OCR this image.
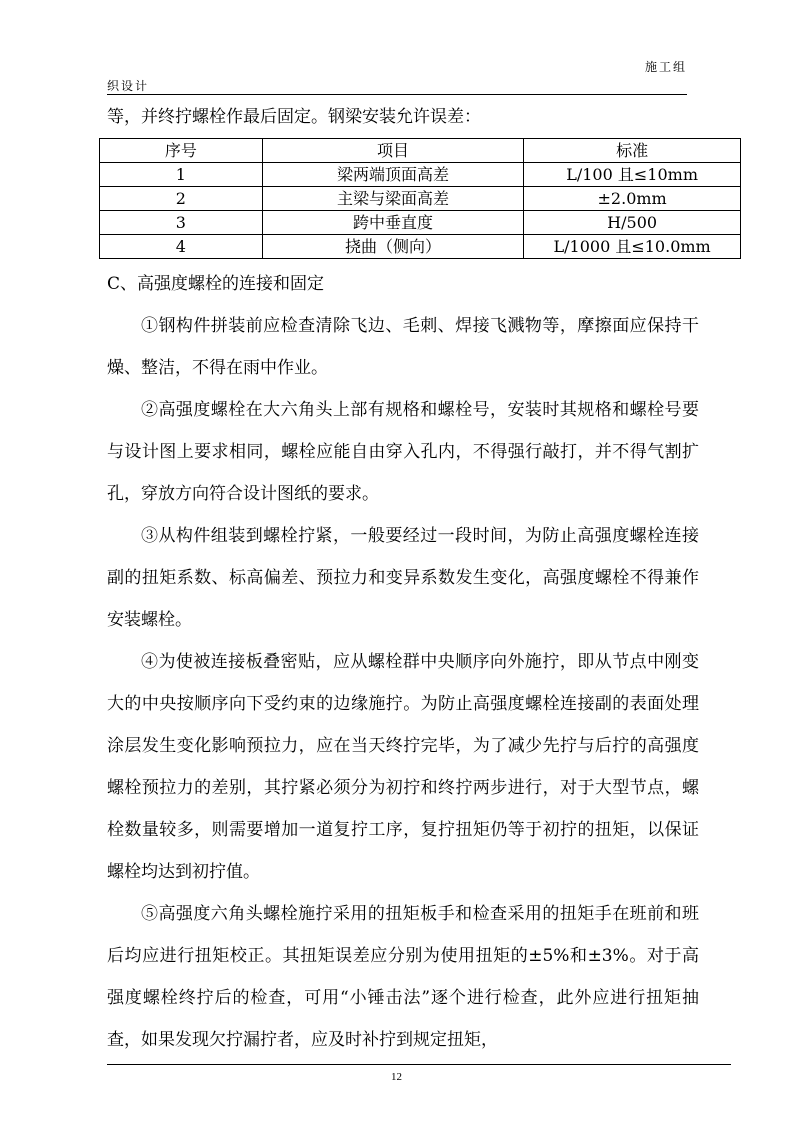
施工组
织设计
等，并终拧螺栓作最后固定。钢梁安装允许误差：
序号	项目	标准
1	梁两端顶面高差	L/100 且≤10mm
2	主梁与梁面高差	±2.0mm
3	跨中垂直度	H/500
4	挠曲（侧向）	L/1000 且≤10.0mm

C、高强度螺栓的连接和固定

①钢构件拼装前应检查清除飞边、毛刺、焊接飞溅物等，摩擦面应保持干燥、整洁，不得在雨中作业。

②高强度螺栓在大六角头上部有规格和螺栓号，安装时其规格和螺栓号要与设计图上要求相同，螺栓应能自由穿入孔内，不得强行敲打，并不得气割扩孔，穿放方向符合设计图纸的要求。

③从构件组装到螺栓拧紧，一般要经过一段时间，为防止高强度螺栓连接副的扭矩系数、标高偏差、预拉力和变异系数发生变化，高强度螺栓不得兼作安装螺栓。

④为使被连接板叠密贴，应从螺栓群中央顺序向外施拧，即从节点中刚变大的中央按顺序向下受约束的边缘施拧。为防止高强度螺栓连接副的表面处理涂层发生变化影响预拉力，应在当天终拧完毕，为了减少先拧与后拧的高强度螺栓预拉力的差别，其拧紧必须分为初拧和终拧两步进行，对于大型节点，螺栓数量较多，则需要增加一道复拧工序，复拧扭矩仍等于初拧的扭矩，以保证螺栓均达到初拧值。

⑤高强度六角头螺栓施拧采用的扭矩板手和检查采用的扭矩手在班前和班后均应进行扭矩校正。其扭矩误差应分别为使用扭矩的±5%和±3%。对于高强度螺栓终拧后的检查，可用“小锤击法”逐个进行检查，此外应进行扭矩抽查，如果发现欠拧漏拧者，应及时补拧到规定扭矩，

12
